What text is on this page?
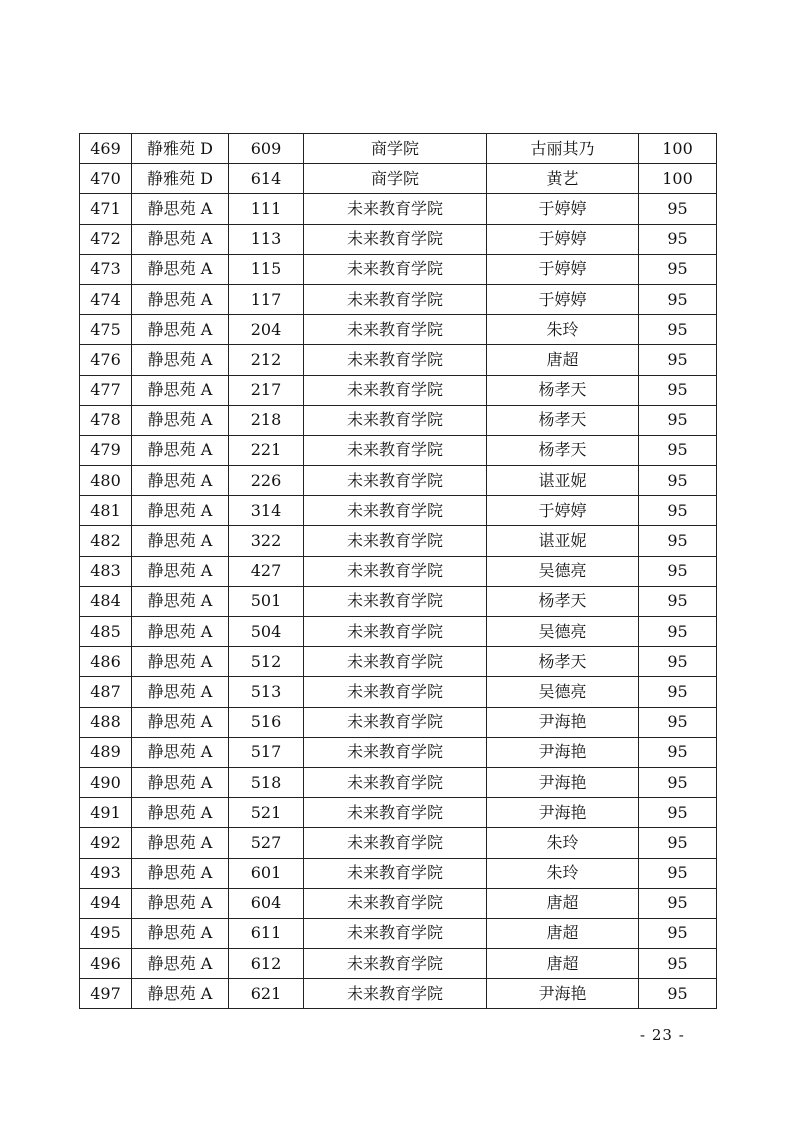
469	静雅苑 D	609	商学院	古丽其乃	100
470	静雅苑 D	614	商学院	黄艺	100
471	静思苑 A	111	未来教育学院	于婷婷	95
472	静思苑 A	113	未来教育学院	于婷婷	95
473	静思苑 A	115	未来教育学院	于婷婷	95
474	静思苑 A	117	未来教育学院	于婷婷	95
475	静思苑 A	204	未来教育学院	朱玲	95
476	静思苑 A	212	未来教育学院	唐超	95
477	静思苑 A	217	未来教育学院	杨孝天	95
478	静思苑 A	218	未来教育学院	杨孝天	95
479	静思苑 A	221	未来教育学院	杨孝天	95
480	静思苑 A	226	未来教育学院	谌亚妮	95
481	静思苑 A	314	未来教育学院	于婷婷	95
482	静思苑 A	322	未来教育学院	谌亚妮	95
483	静思苑 A	427	未来教育学院	吴德亮	95
484	静思苑 A	501	未来教育学院	杨孝天	95
485	静思苑 A	504	未来教育学院	吴德亮	95
486	静思苑 A	512	未来教育学院	杨孝天	95
487	静思苑 A	513	未来教育学院	吴德亮	95
488	静思苑 A	516	未来教育学院	尹海艳	95
489	静思苑 A	517	未来教育学院	尹海艳	95
490	静思苑 A	518	未来教育学院	尹海艳	95
491	静思苑 A	521	未来教育学院	尹海艳	95
492	静思苑 A	527	未来教育学院	朱玲	95
493	静思苑 A	601	未来教育学院	朱玲	95
494	静思苑 A	604	未来教育学院	唐超	95
495	静思苑 A	611	未来教育学院	唐超	95
496	静思苑 A	612	未来教育学院	唐超	95
497	静思苑 A	621	未来教育学院	尹海艳	95
- 23 -
